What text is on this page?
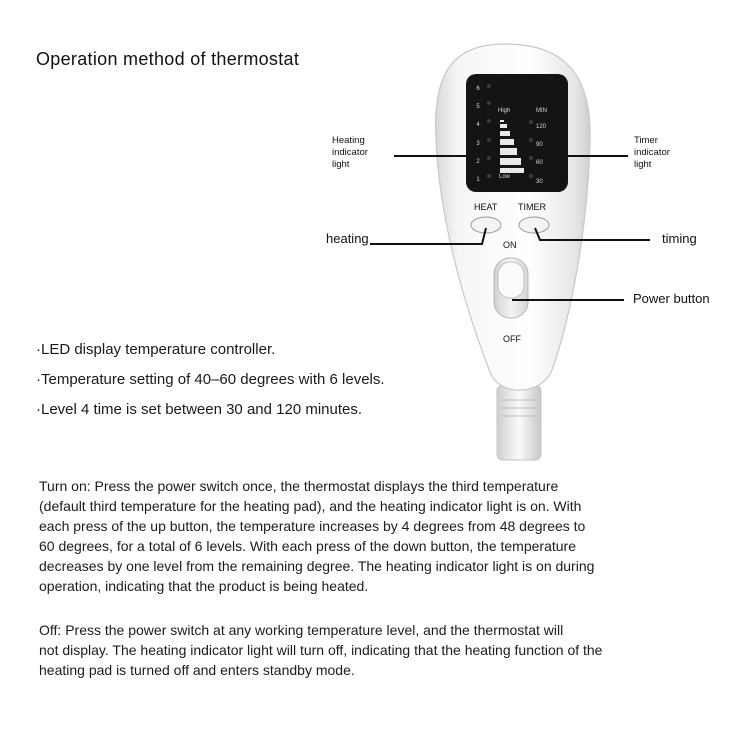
Operation method of thermostat
6
5
4
3
2
1
High
Low
MIN
120
90
60
30
HEAT TIMER
ON
OFF
Heating
indicator
light
Timer
indicator
light
heating	timing
Power button
·LED display temperature controller.
·Temperature setting of 40–60 degrees with 6 levels.
·Level 4 time is set between 30 and 120 minutes.
Turn on: Press the power switch once, the thermostat displays the third temperature
(default third temperature for the heating pad), and the heating indicator light is on. With
each press of the up button, the temperature increases by 4 degrees from 48 degrees to
60 degrees, for a total of 6 levels. With each press of the down button, the temperature
decreases by one level from the remaining degree. The heating indicator light is on during
operation, indicating that the product is being heated.
Off: Press the power switch at any working temperature level, and the thermostat will
not display. The heating indicator light will turn off, indicating that the heating function of the
heating pad is turned off and enters standby mode.
